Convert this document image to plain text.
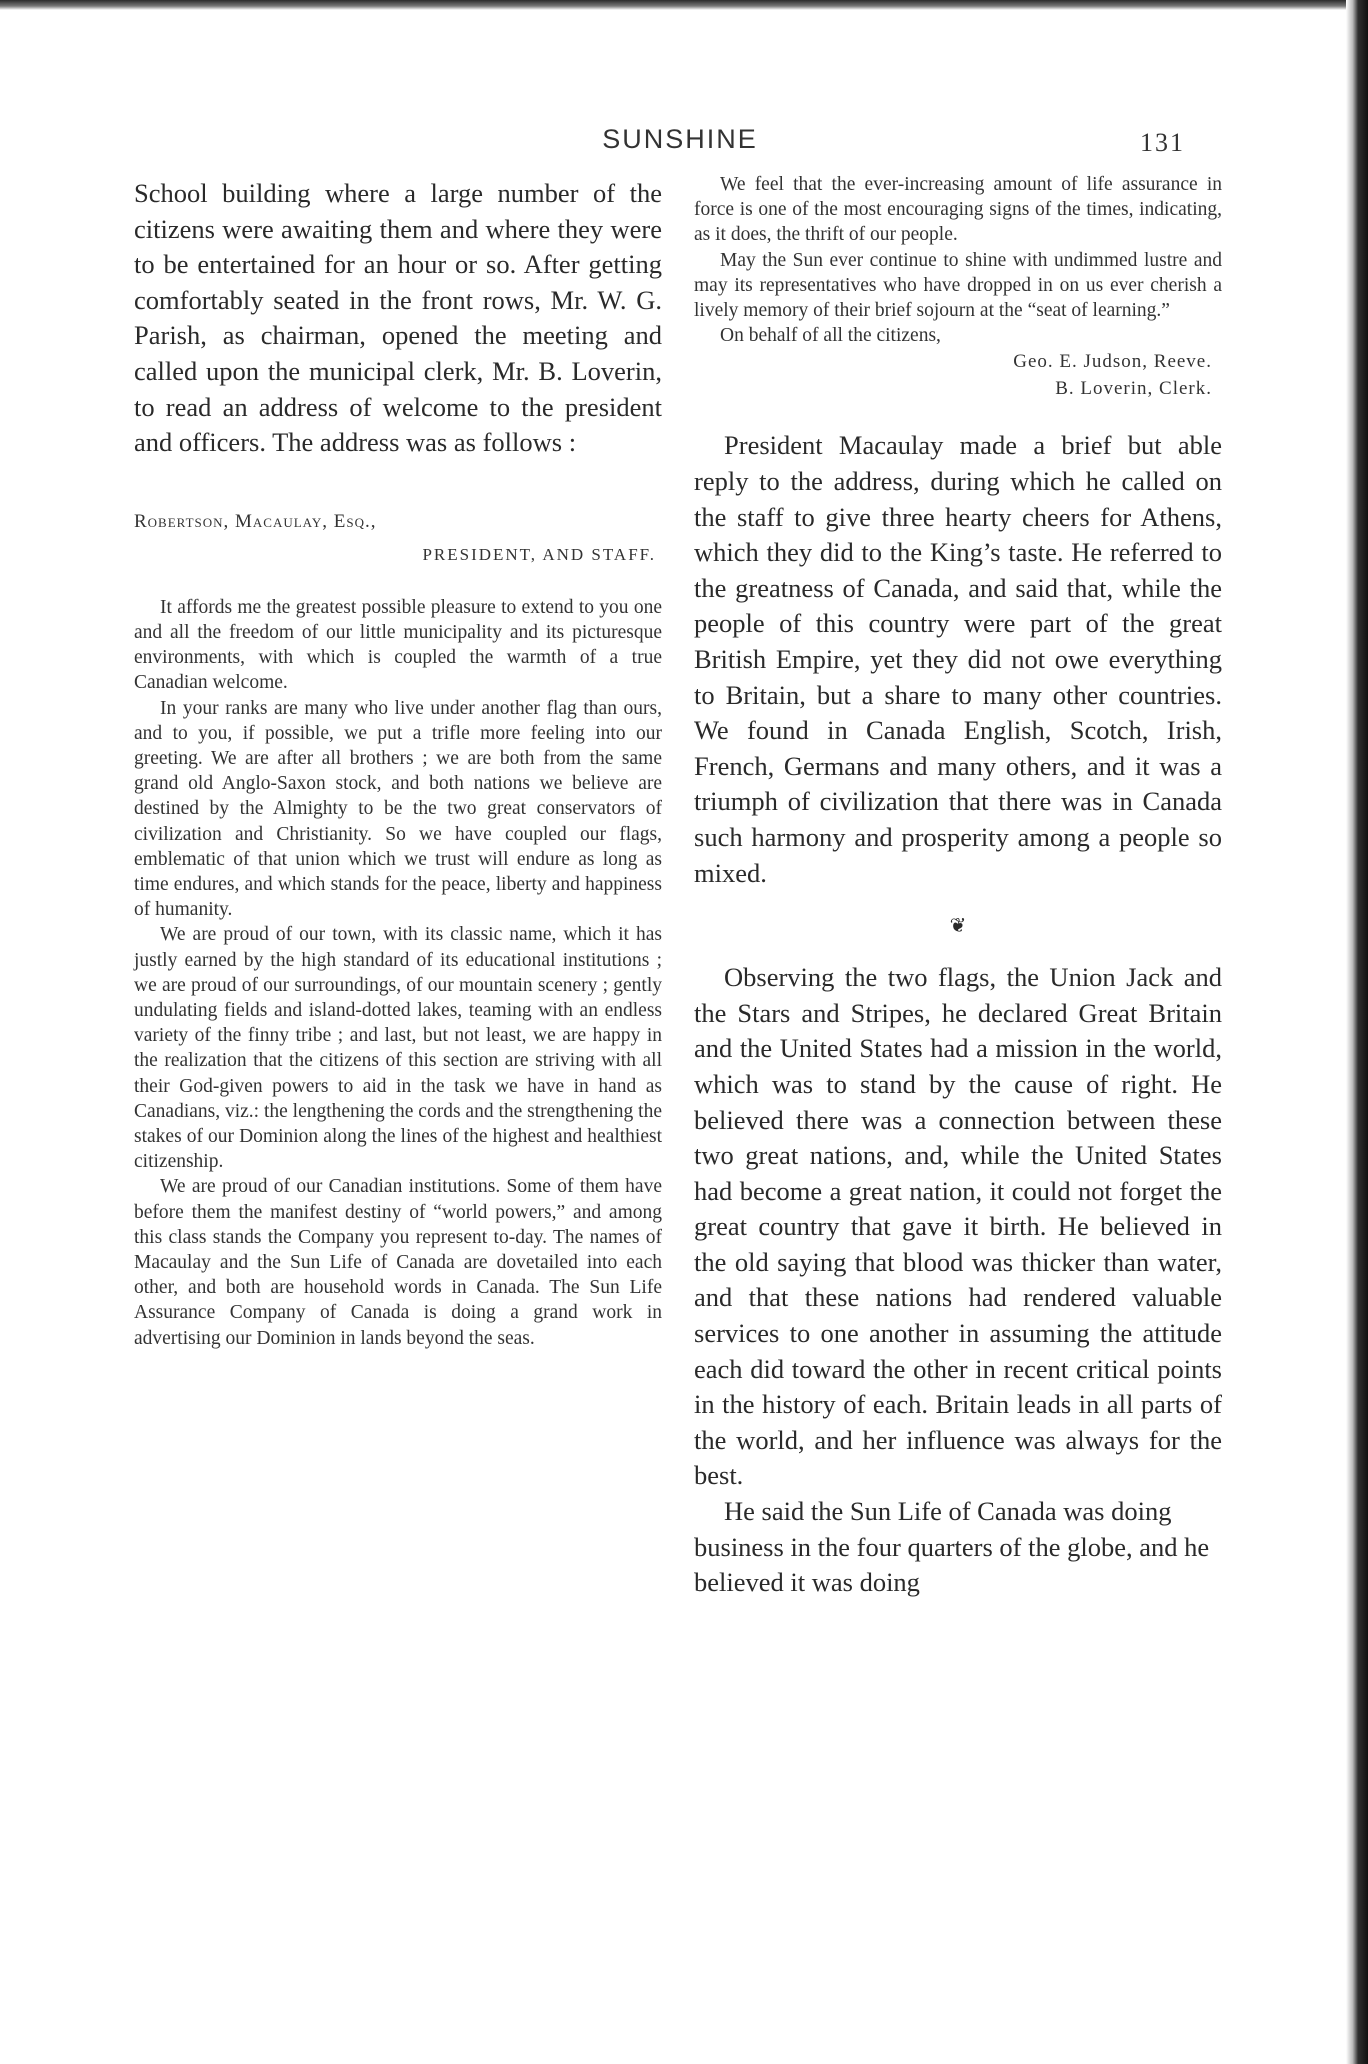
SUNSHINE	131

School building where a large number of the citizens were awaiting them and where they were to be entertained for an hour or so. After getting comfortably seated in the front rows, Mr. W. G. Parish, as chairman, opened the meeting and called upon the municipal clerk, Mr. B. Loverin, to read an address of welcome to the president and officers. The address was as follows :

Robertson, Macaulay, Esq.,

PRESIDENT, AND STAFF.

It affords me the greatest possible pleasure to extend to you one and all the freedom of our little municipality and its picturesque environments, with which is coupled the warmth of a true Canadian welcome.

In your ranks are many who live under another flag than ours, and to you, if possible, we put a trifle more feeling into our greeting. We are after all brothers ; we are both from the same grand old Anglo-Saxon stock, and both nations we believe are destined by the Almighty to be the two great conservators of civilization and Christianity. So we have coupled our flags, emblematic of that union which we trust will endure as long as time endures, and which stands for the peace, liberty and happiness of humanity.

We are proud of our town, with its classic name, which it has justly earned by the high standard of its educational institutions ; we are proud of our surroundings, of our mountain scenery ; gently undulating fields and island-dotted lakes, teaming with an endless variety of the finny tribe ; and last, but not least, we are happy in the realization that the citizens of this section are striving with all their God-given powers to aid in the task we have in hand as Canadians, viz.: the lengthening the cords and the strengthening the stakes of our Dominion along the lines of the highest and healthiest citizenship.

We are proud of our Canadian institutions. Some of them have before them the manifest destiny of “world powers,” and among this class stands the Company you represent to-day. The names of Macaulay and the Sun Life of Canada are dovetailed into each other, and both are household words in Canada. The Sun Life Assurance Company of Canada is doing a grand work in advertising our Dominion in lands beyond the seas.

We feel that the ever-increasing amount of life assurance in force is one of the most encouraging signs of the times, indicating, as it does, the thrift of our people.

May the Sun ever continue to shine with undimmed lustre and may its representatives who have dropped in on us ever cherish a lively memory of their brief sojourn at the “seat of learning.”

On behalf of all the citizens,

Geo. E. Judson, Reeve.

B. Loverin, Clerk.

President Macaulay made a brief but able reply to the address, during which he called on the staff to give three hearty cheers for Athens, which they did to the King’s taste. He referred to the greatness of Canada, and said that, while the people of this country were part of the great British Empire, yet they did not owe everything to Britain, but a share to many other countries. We found in Canada English, Scotch, Irish, French, Germans and many others, and it was a triumph of civilization that there was in Canada such harmony and prosperity among a people so mixed.

❦

Observing the two flags, the Union Jack and the Stars and Stripes, he declared Great Britain and the United States had a mission in the world, which was to stand by the cause of right. He believed there was a connection between these two great nations, and, while the United States had become a great nation, it could not forget the great country that gave it birth. He believed in the old saying that blood was thicker than water, and that these nations had rendered valuable services to one another in assuming the attitude each did toward the other in recent critical points in the history of each. Britain leads in all parts of the world, and her influence was always for the best.

He said the Sun Life of Canada was doing business in the four quarters of the globe, and he believed it was doing
